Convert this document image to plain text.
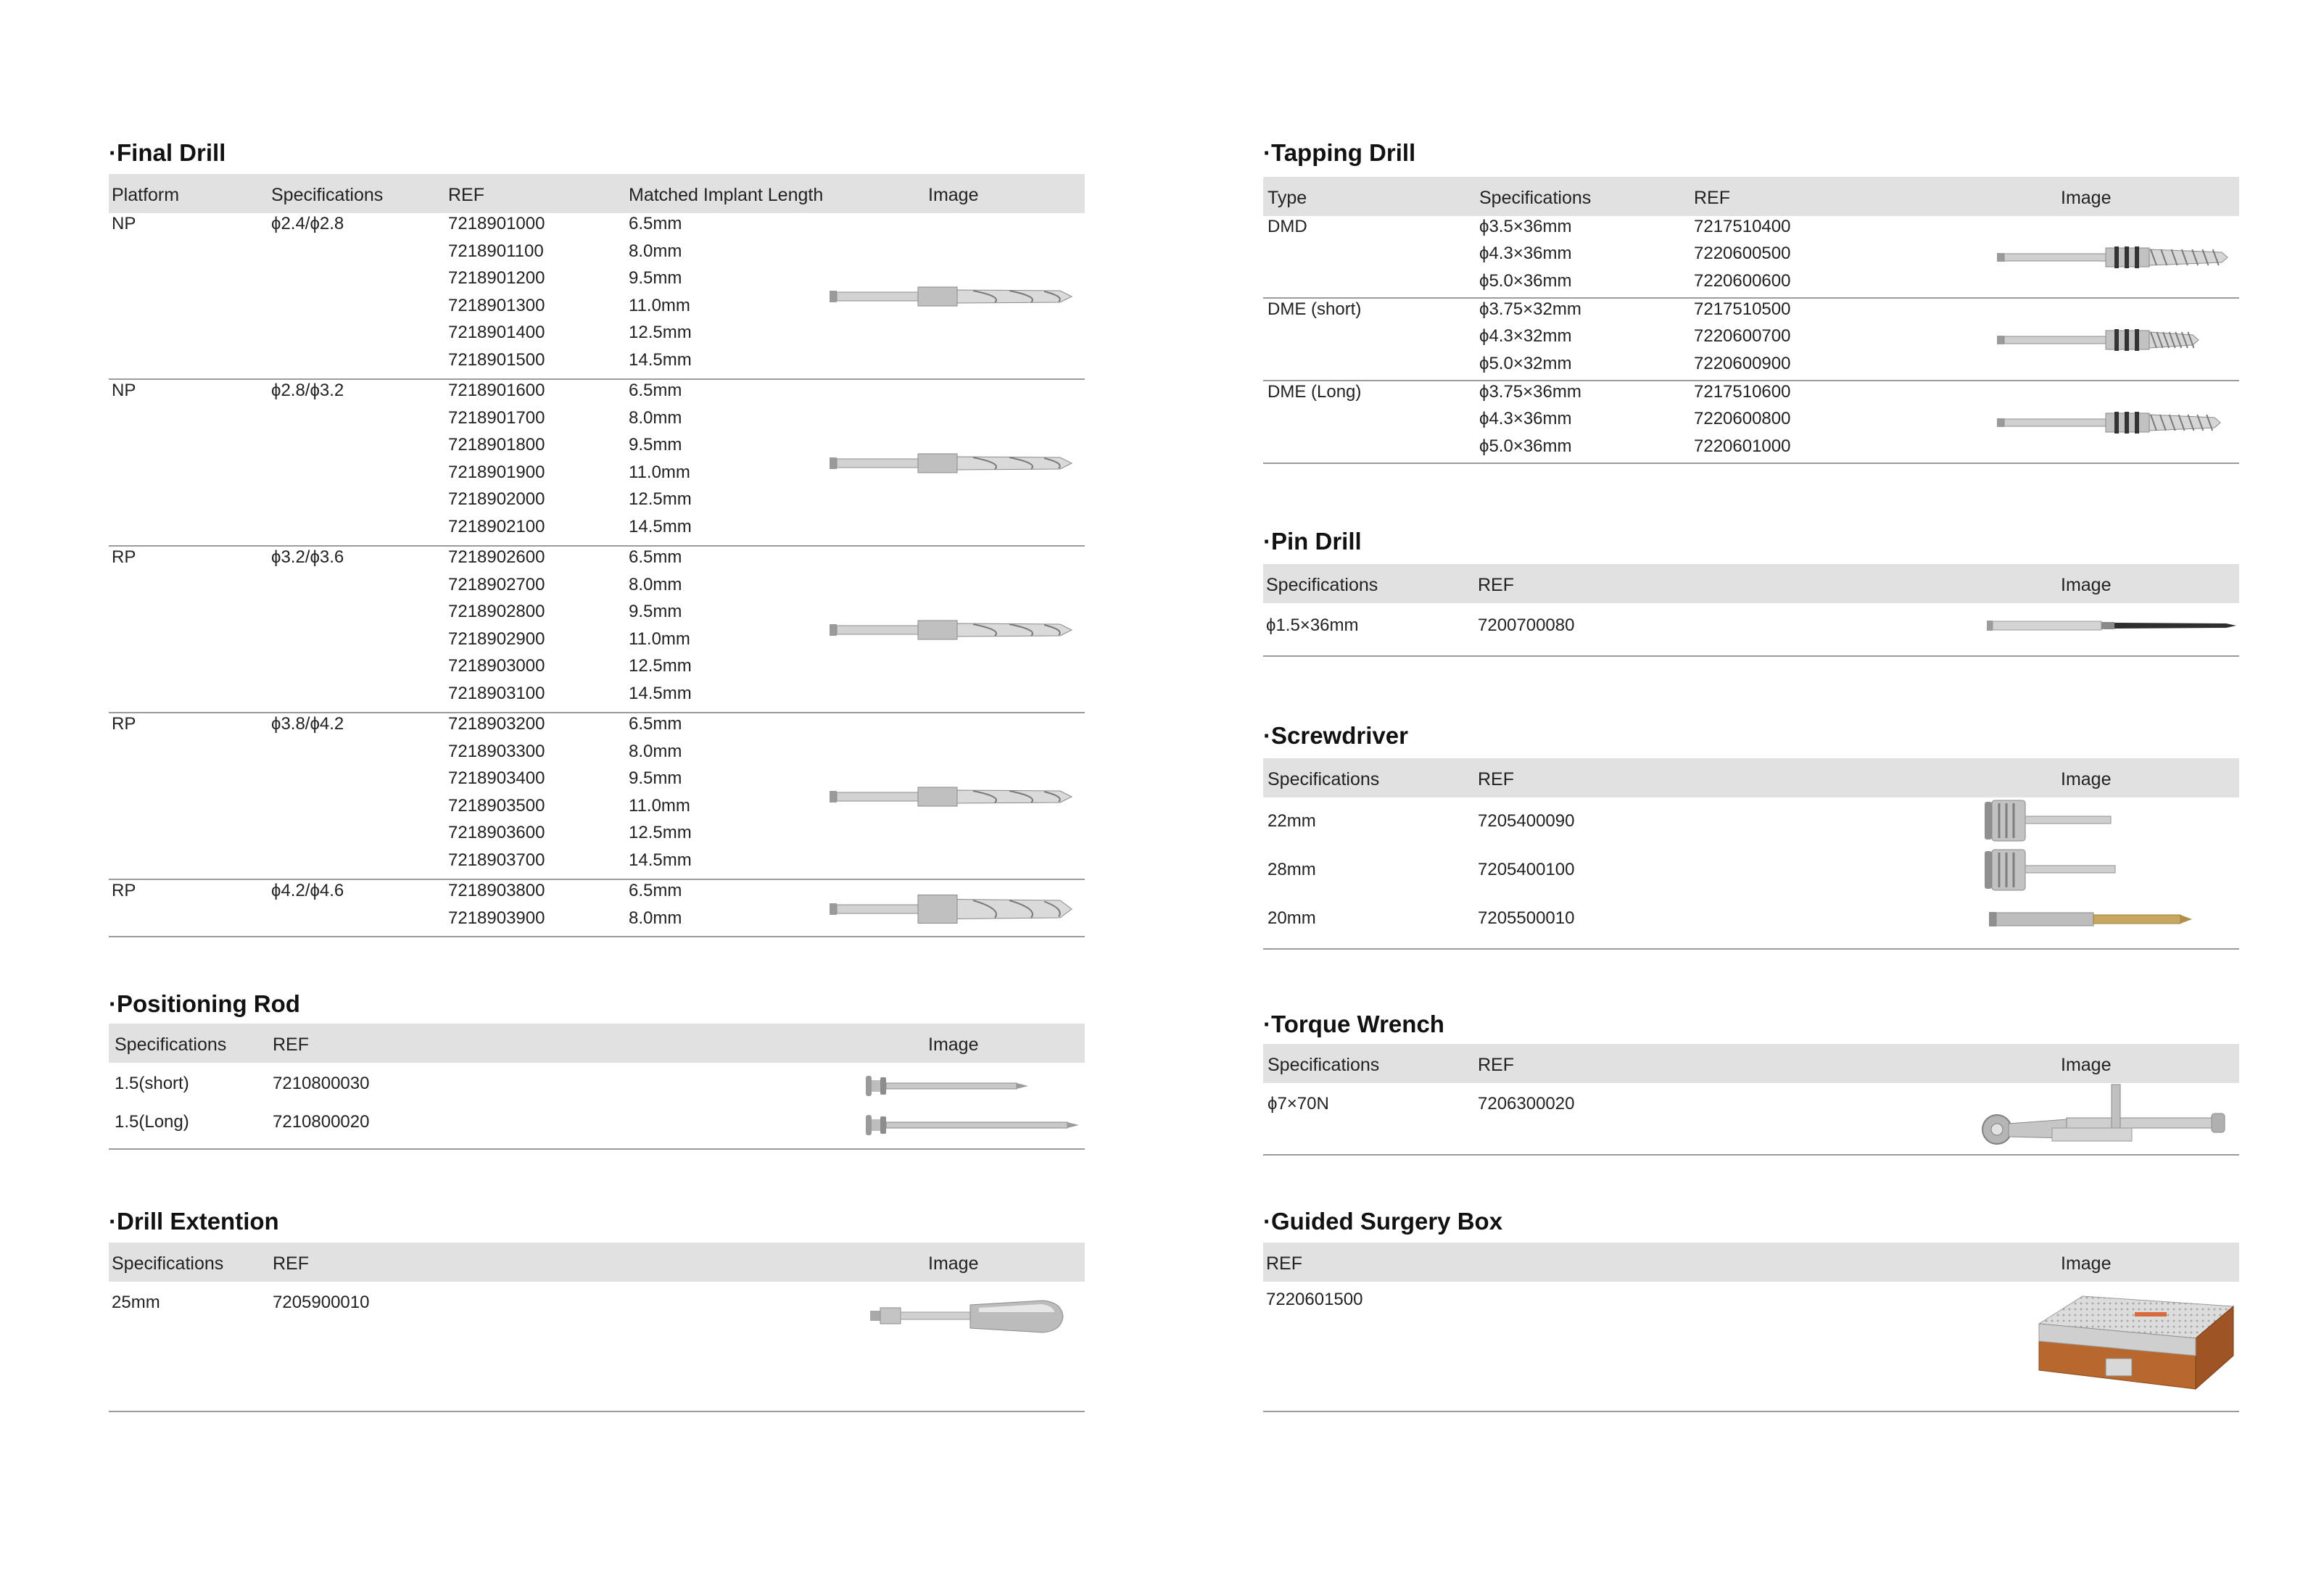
·Final Drill
Platform	Specifications	REF	Matched Implant Length	Image
NP	ϕ2.4/ϕ2.8	7218901000	6.5mm
7218901100	8.0mm
7218901200	9.5mm
7218901300	11.0mm
7218901400	12.5mm
7218901500	14.5mm
NP	ϕ2.8/ϕ3.2	7218901600	6.5mm
7218901700	8.0mm
7218901800	9.5mm
7218901900	11.0mm
7218902000	12.5mm
7218902100	14.5mm
RP	ϕ3.2/ϕ3.6	7218902600	6.5mm
7218902700	8.0mm
7218902800	9.5mm
7218902900	11.0mm
7218903000	12.5mm
7218903100	14.5mm
RP	ϕ3.8/ϕ4.2	7218903200	6.5mm
7218903300	8.0mm
7218903400	9.5mm
7218903500	11.0mm
7218903600	12.5mm
7218903700	14.5mm
RP	ϕ4.2/ϕ4.6	7218903800	6.5mm
7218903900	8.0mm
·Positioning Rod
Specifications	REF	Image
1.5(short)	7210800030
1.5(Long)	7210800020
·Drill Extention
Specifications	REF	Image
25mm	7205900010
·Tapping Drill
Type	Specifications	REF	Image
DMD	ϕ3.5×36mm	7217510400
ϕ4.3×36mm	7220600500
ϕ5.0×36mm	7220600600
DME (short)	ϕ3.75×32mm	7217510500
ϕ4.3×32mm	7220600700
ϕ5.0×32mm	7220600900
DME (Long)	ϕ3.75×36mm	7217510600
ϕ4.3×36mm	7220600800
ϕ5.0×36mm	7220601000
·Pin Drill
Specifications	REF	Image
ϕ1.5×36mm	7200700080
·Screwdriver
Specifications	REF	Image
22mm	7205400090
28mm	7205400100
20mm	7205500010
·Torque Wrench
Specifications	REF	Image
ϕ7×70N	7206300020
·Guided Surgery Box
REF	Image
7220601500
